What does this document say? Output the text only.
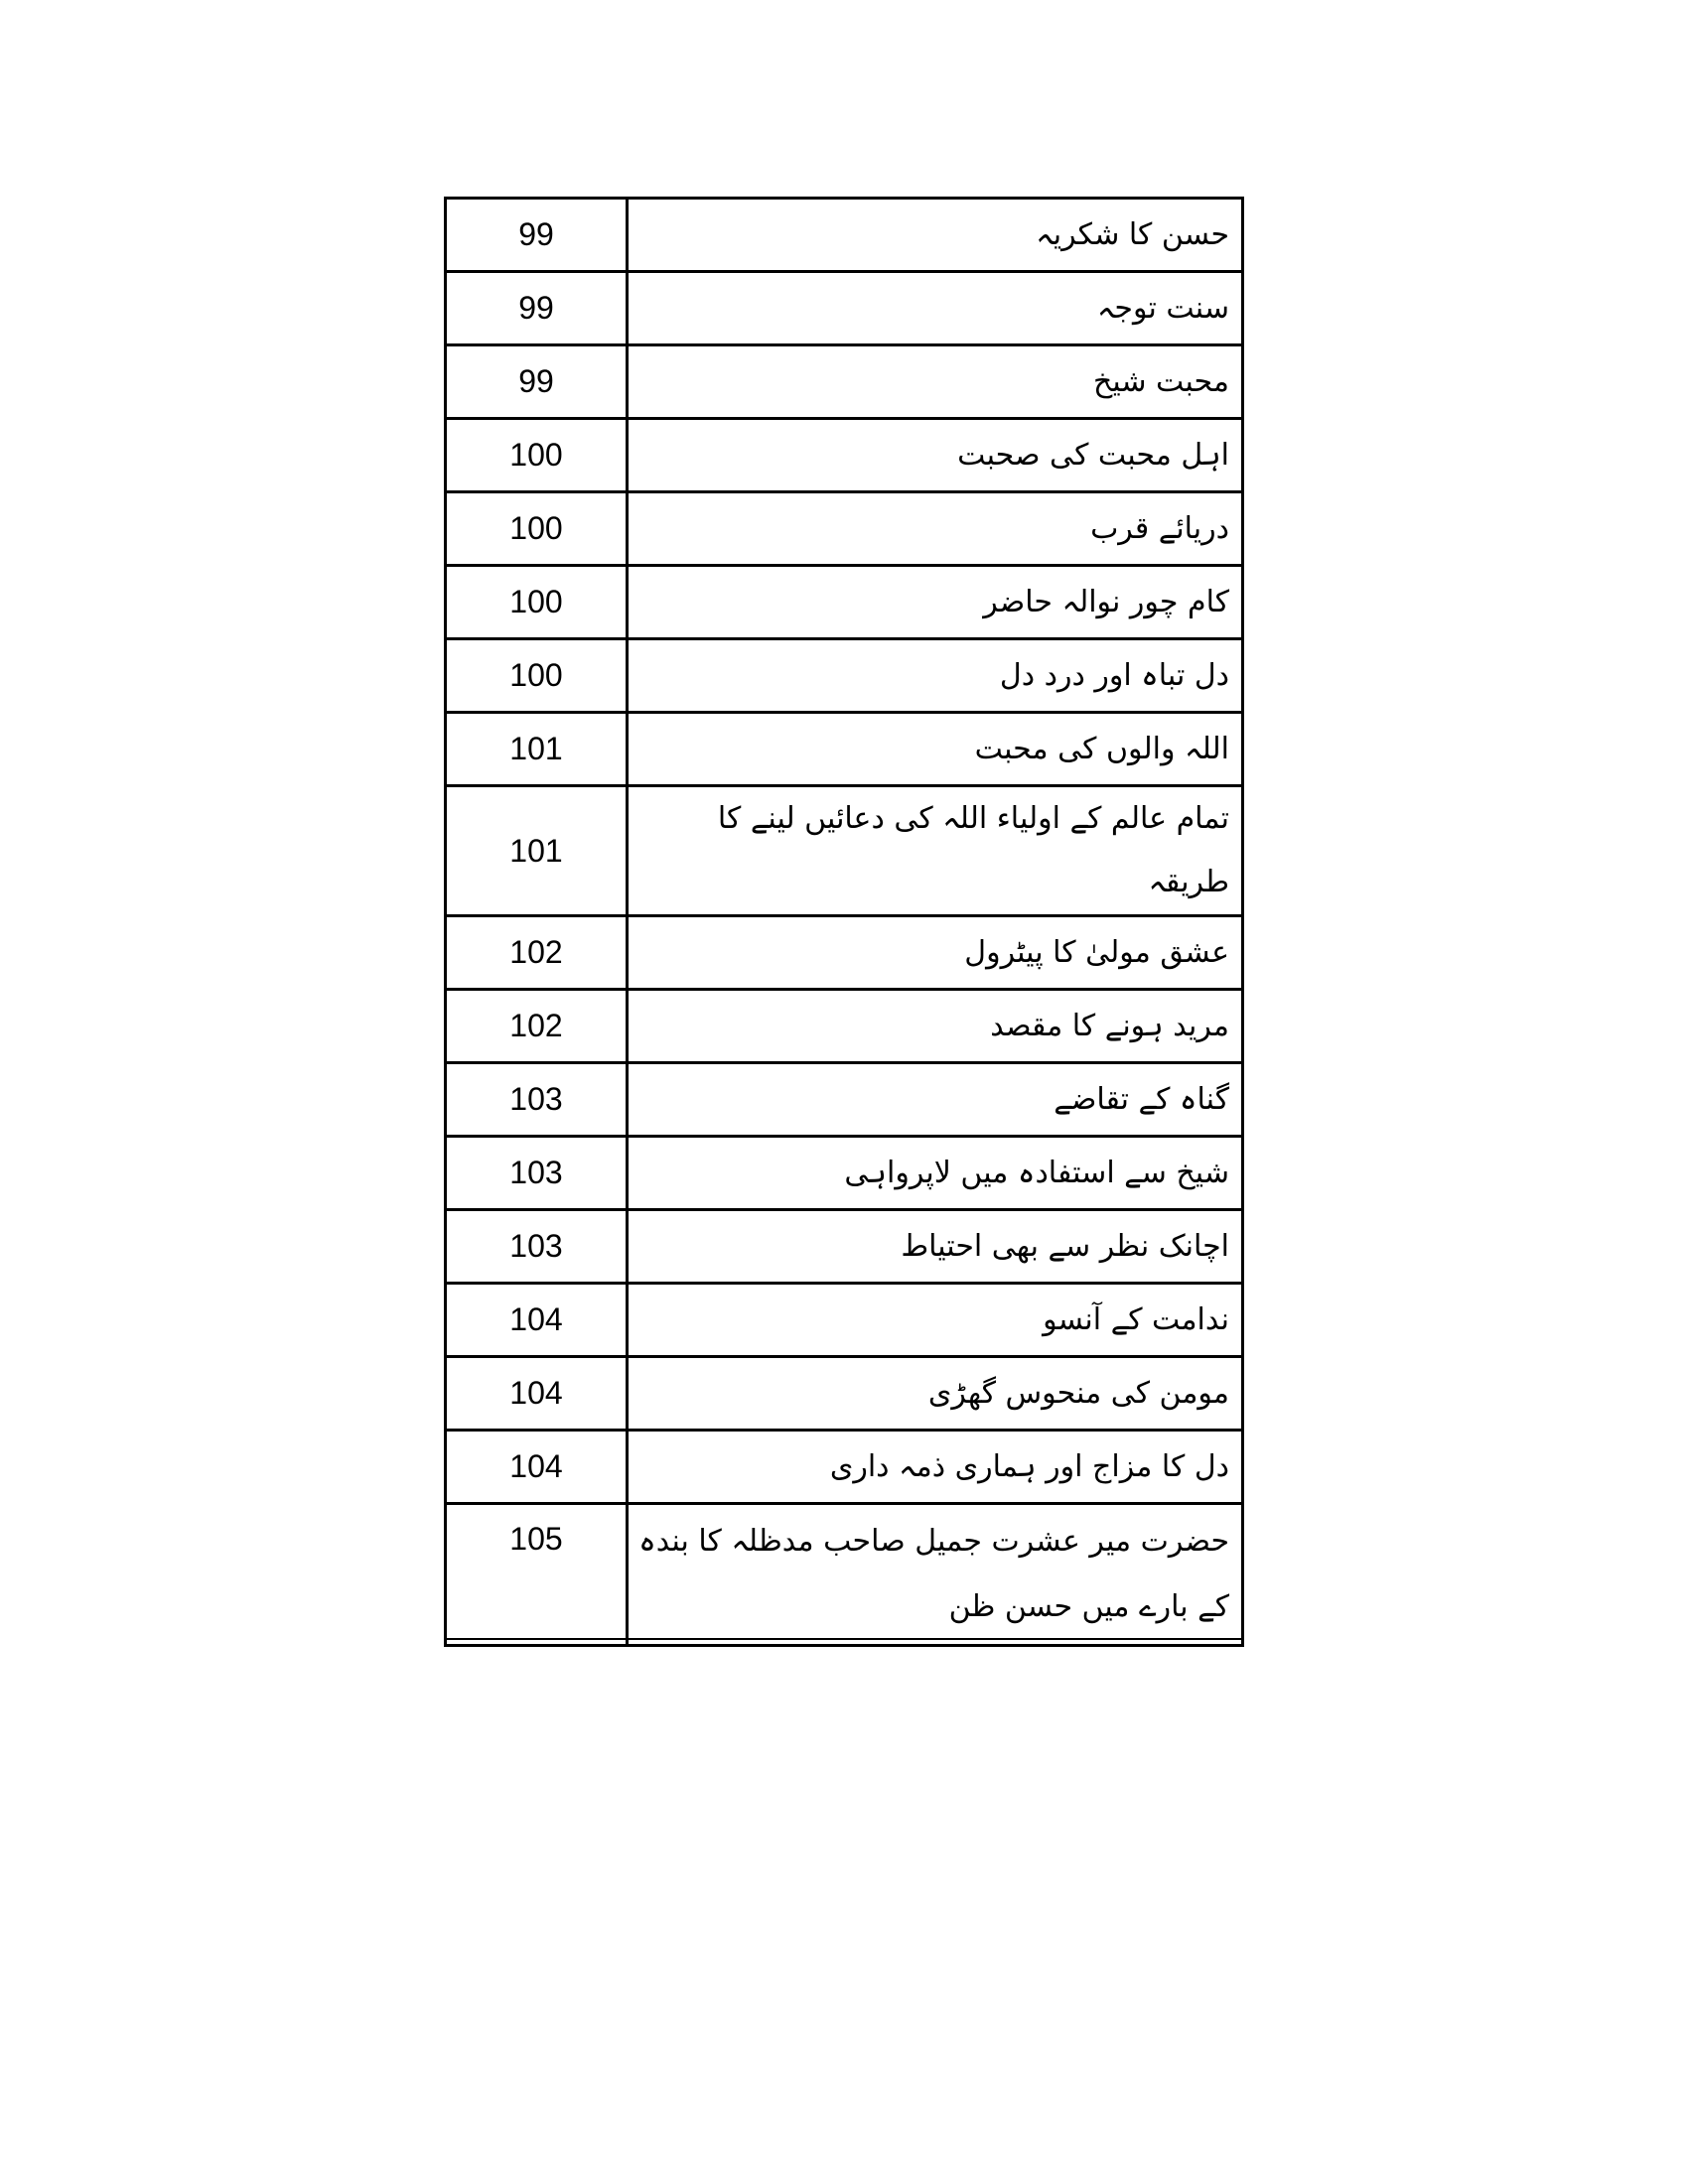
99	حسن کا شکریہ
99	سنت توجہ
99	محبت شیخ
100	اہل محبت کی صحبت
100	دریائے قرب
100	کام چور نوالہ حاضر
100	دل تباہ اور درد دل
101	اللہ والوں کی محبت
101	تمام عالم کے اولیاء اللہ کی دعائیں لینے کا طریقہ
102	عشق مولیٰ کا پیٹرول
102	مرید ہونے کا مقصد
103	گناہ کے تقاضے
103	شیخ سے استفادہ میں لاپرواہی
103	اچانک نظر سے بھی احتیاط
104	ندامت کے آنسو
104	مومن کی منحوس گھڑی
104	دل کا مزاج اور ہماری ذمہ داری
105	حضرت میر عشرت جمیل صاحب مدظلہ کا بندہ کے بارے میں حسن ظن
